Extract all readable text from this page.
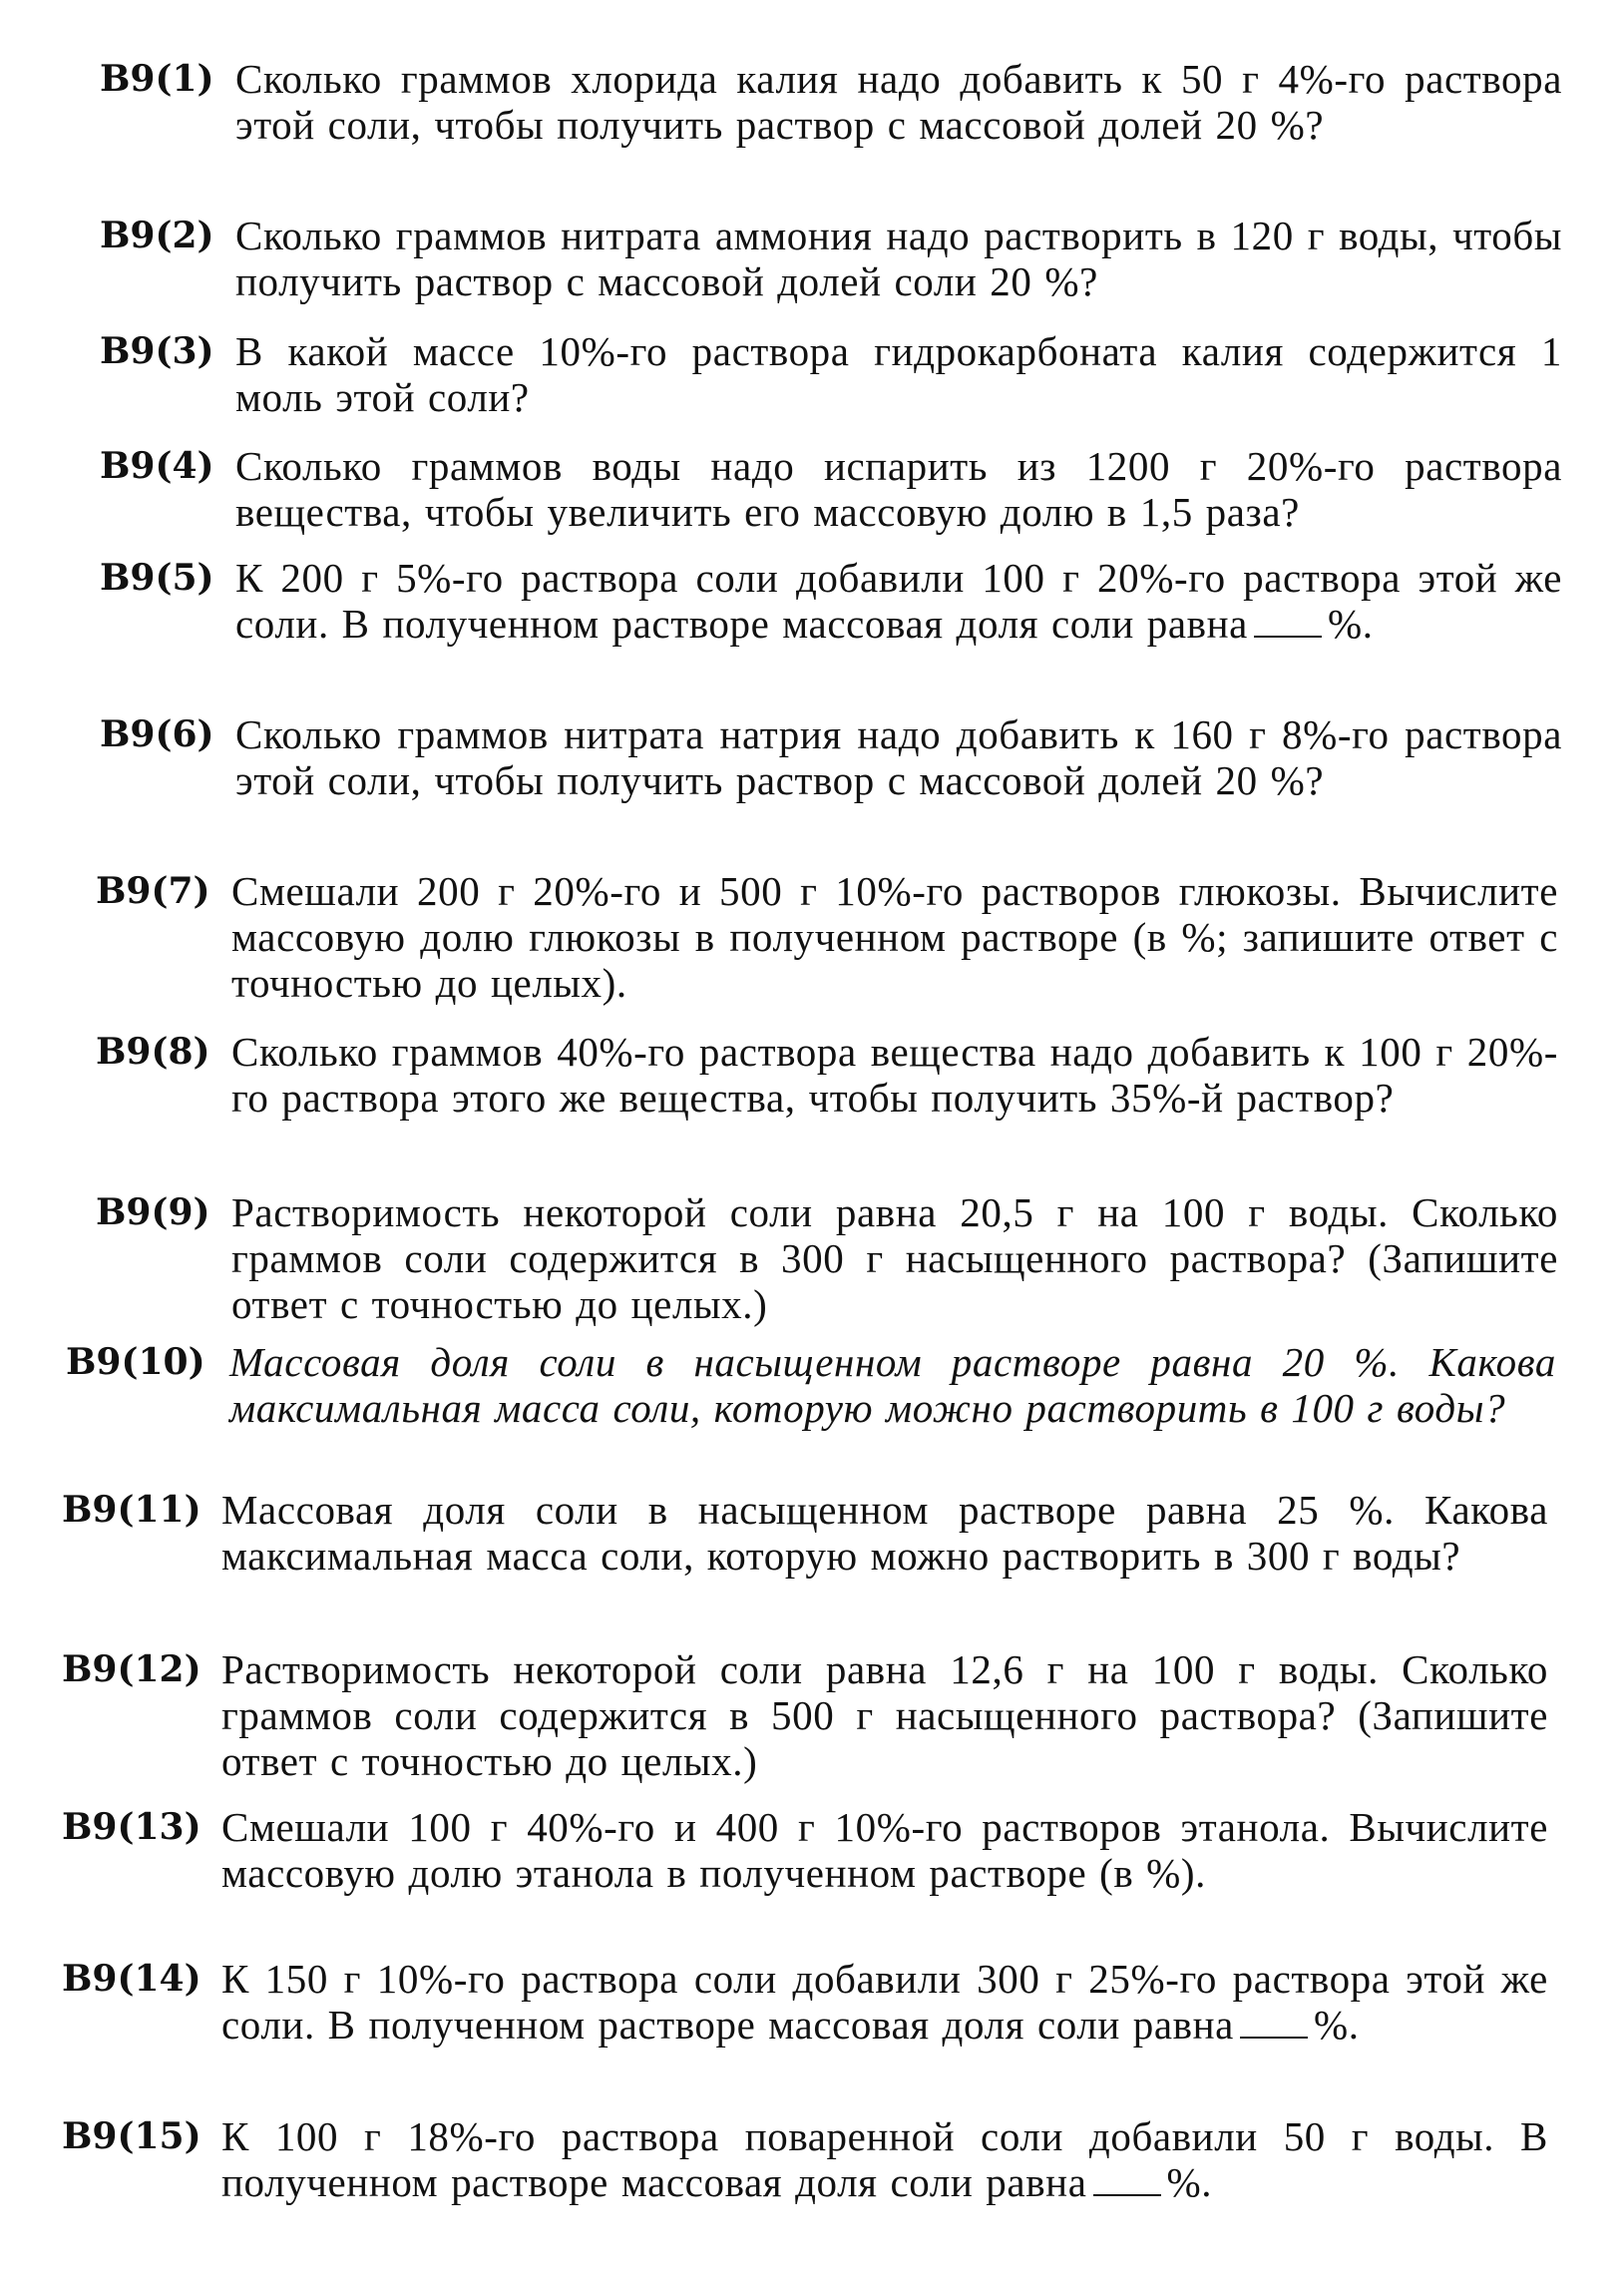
B9(1) Сколько граммов хлорида калия надо добавить к 50 г 4%-го раствора этой соли, чтобы получить раствор с массовой долей 20 %?
B9(2) Сколько граммов нитрата аммония надо растворить в 120 г воды, чтобы получить раствор с массовой долей соли 20 %?
B9(3) В какой массе 10%-го раствора гидрокарбоната калия содержится 1 моль этой соли?
B9(4) Сколько граммов воды надо испарить из 1200 г 20%-го раствора вещества, чтобы увеличить его массовую долю в 1,5 раза?
B9(5) К 200 г 5%-го раствора соли добавили 100 г 20%-го раствора этой же соли. В полученном растворе массовая доля соли равна %.
B9(6) Сколько граммов нитрата натрия надо добавить к 160 г 8%-го раствора этой соли, чтобы получить раствор с массовой долей 20 %?
B9(7) Смешали 200 г 20%-го и 500 г 10%-го растворов глюкозы. Вычислите массовую долю глюкозы в полученном растворе (в %; запишите ответ с точностью до целых).
B9(8) Сколько граммов 40%-го раствора вещества надо добавить к 100 г 20%-го раствора этого же вещества, чтобы получить 35%-й раствор?
B9(9) Растворимость некоторой соли равна 20,5 г на 100 г воды. Сколько граммов соли содержится в 300 г насыщенного раствора? (Запишите ответ с точностью до целых.)
B9(10) Массовая доля соли в насыщенном растворе равна 20 %. Какова максимальная масса соли, которую можно растворить в 100 г воды?
B9(11) Массовая доля соли в насыщенном растворе равна 25 %. Какова максимальная масса соли, которую можно растворить в 300 г воды?
B9(12) Растворимость некоторой соли равна 12,6 г на 100 г воды. Сколько граммов соли содержится в 500 г насыщенного раствора? (Запишите ответ с точностью до целых.)
B9(13) Смешали 100 г 40%-го и 400 г 10%-го растворов этанола. Вычислите массовую долю этанола в полученном растворе (в %).
B9(14) К 150 г 10%-го раствора соли добавили 300 г 25%-го раствора этой же соли. В полученном растворе массовая доля соли равна %.
B9(15) К 100 г 18%-го раствора поваренной соли добавили 50 г воды. В полученном растворе массовая доля соли равна %.
